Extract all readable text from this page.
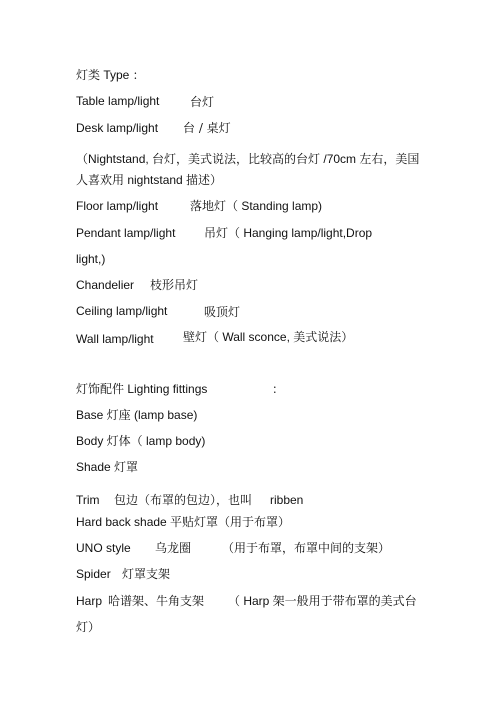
灯类 Type ：
Table lamp/light	台灯
Desk lamp/light 台 / 桌灯
（Nightstand, 台灯，美式说法，比较高的台灯 /70cm 左右，美国
人喜欢用 nightstand 描述）
Floor lamp/light	落地灯（ Standing lamp)
Pendant lamp/light 吊灯（ Hanging lamp/light,Drop
light,)
Chandelier 枝形吊灯
Ceiling lamp/light	吸顶灯
Wall lamp/light 壁灯（ Wall sconce, 美式说法）
灯饰配件 Lighting fittings	：
Base 灯座 (lamp base)
Body 灯体（ lamp body)
Shade 灯罩
Trim 包边（布罩的包边），也叫 ribben
Hard back shade 平贴灯罩（用于布罩）
UNO style 乌龙圈	（用于布罩，布罩中间的支架）
Spider 灯罩支架
Harp 哈谱架、牛角支架 （ Harp 架一般用于带布罩的美式台
灯）
